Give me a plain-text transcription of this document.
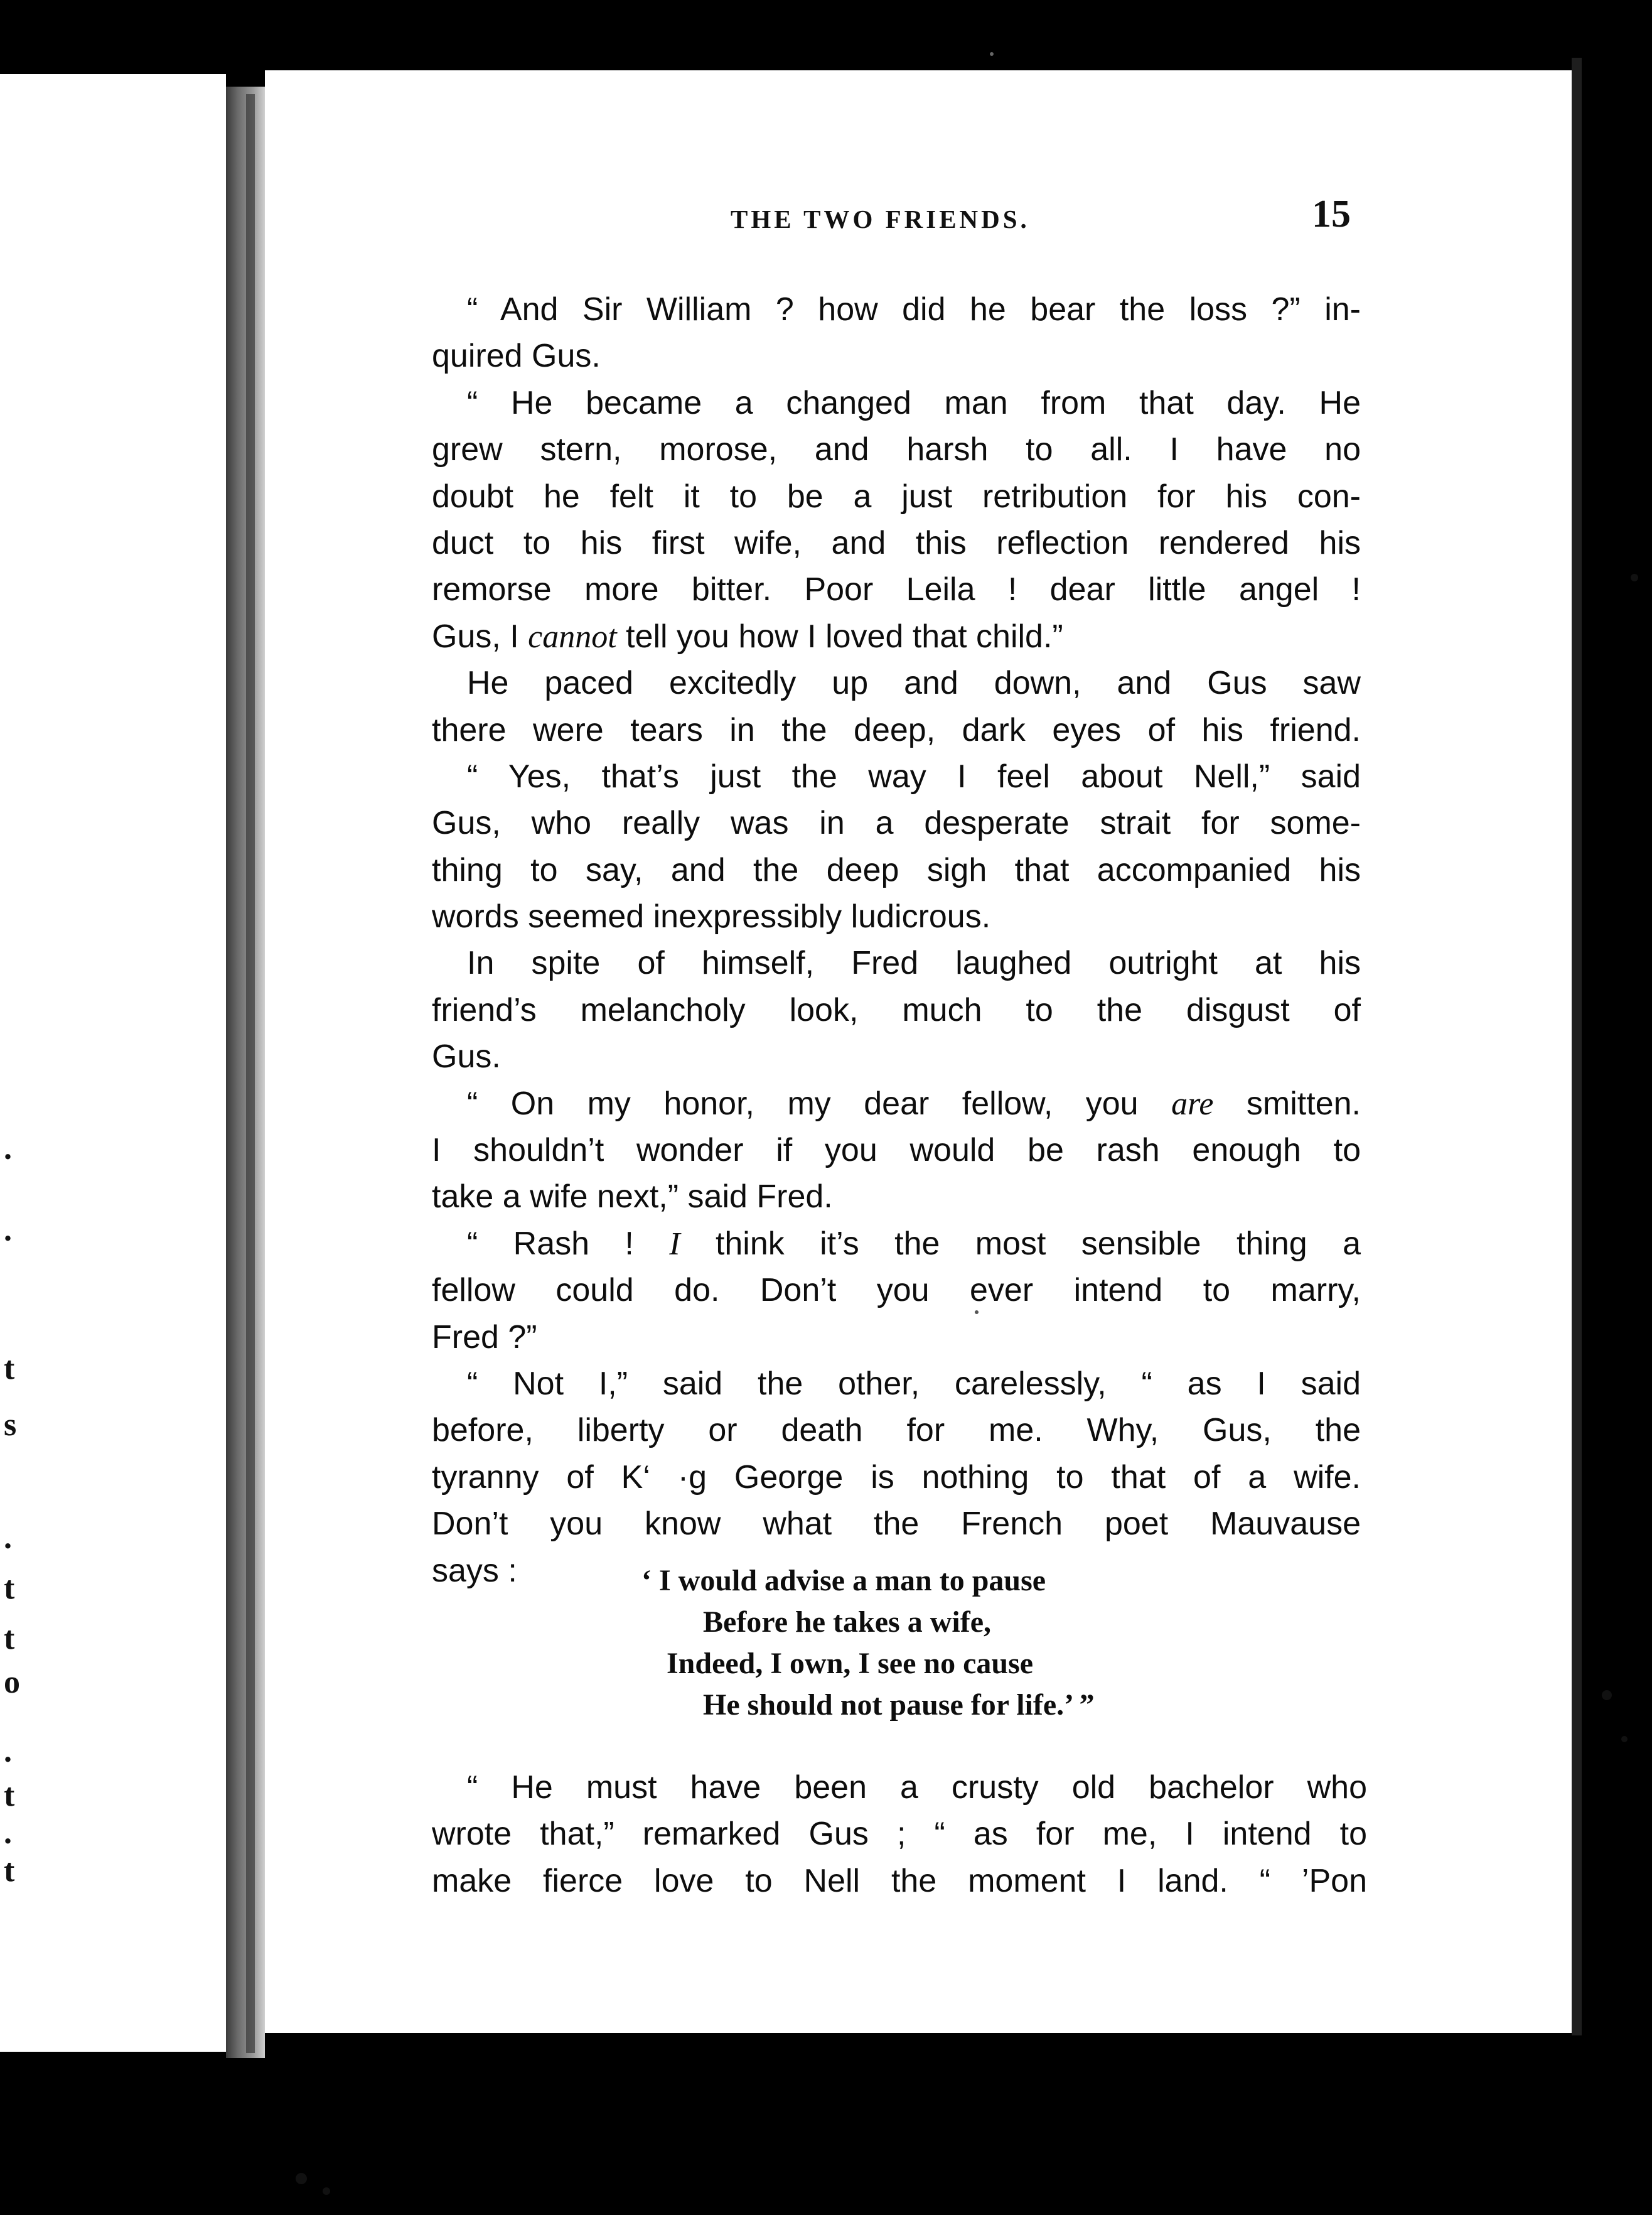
.
.
t
s
.
t
t
o
.
t
.
t
THE TWO FRIENDS.	15
“ And Sir William ? how did he bear the loss ?” in-
quired Gus.
“ He became a changed man from that day. He
grew stern, morose, and harsh to all. I have no
doubt he felt it to be a just retribution for his con-
duct to his first wife, and this reflection rendered his
remorse more bitter. Poor Leila ! dear little angel !
Gus, I cannot tell you how I loved that child.”
He paced excitedly up and down, and Gus saw
there were tears in the deep, dark eyes of his friend.
“ Yes, that’s just the way I feel about Nell,” said
Gus, who really was in a desperate strait for some-
thing to say, and the deep sigh that accompanied his
words seemed inexpressibly ludicrous.
In spite of himself, Fred laughed outright at his
friend’s melancholy look, much to the disgust of
Gus.
“ On my honor, my dear fellow, you are smitten.
I shouldn’t wonder if you would be rash enough to
take a wife next,” said Fred.
“ Rash ! I think it’s the most sensible thing a
fellow could do. Don’t you ever intend to marry,
Fred ?”
“ Not I,” said the other, carelessly, “ as I said
before, liberty or death for me. Why, Gus, the
tyranny of K‘ ·g George is nothing to that of a wife.
Don’t you know what the French poet Mauvause
says :	‘ I would advise a man to pause
Before he takes a wife,
Indeed, I own, I see no cause
He should not pause for life.’ ”
“ He must have been a crusty old bachelor who
wrote that,” remarked Gus ; “ as for me, I intend to
make fierce love to Nell the moment I land. “ ’Pon
